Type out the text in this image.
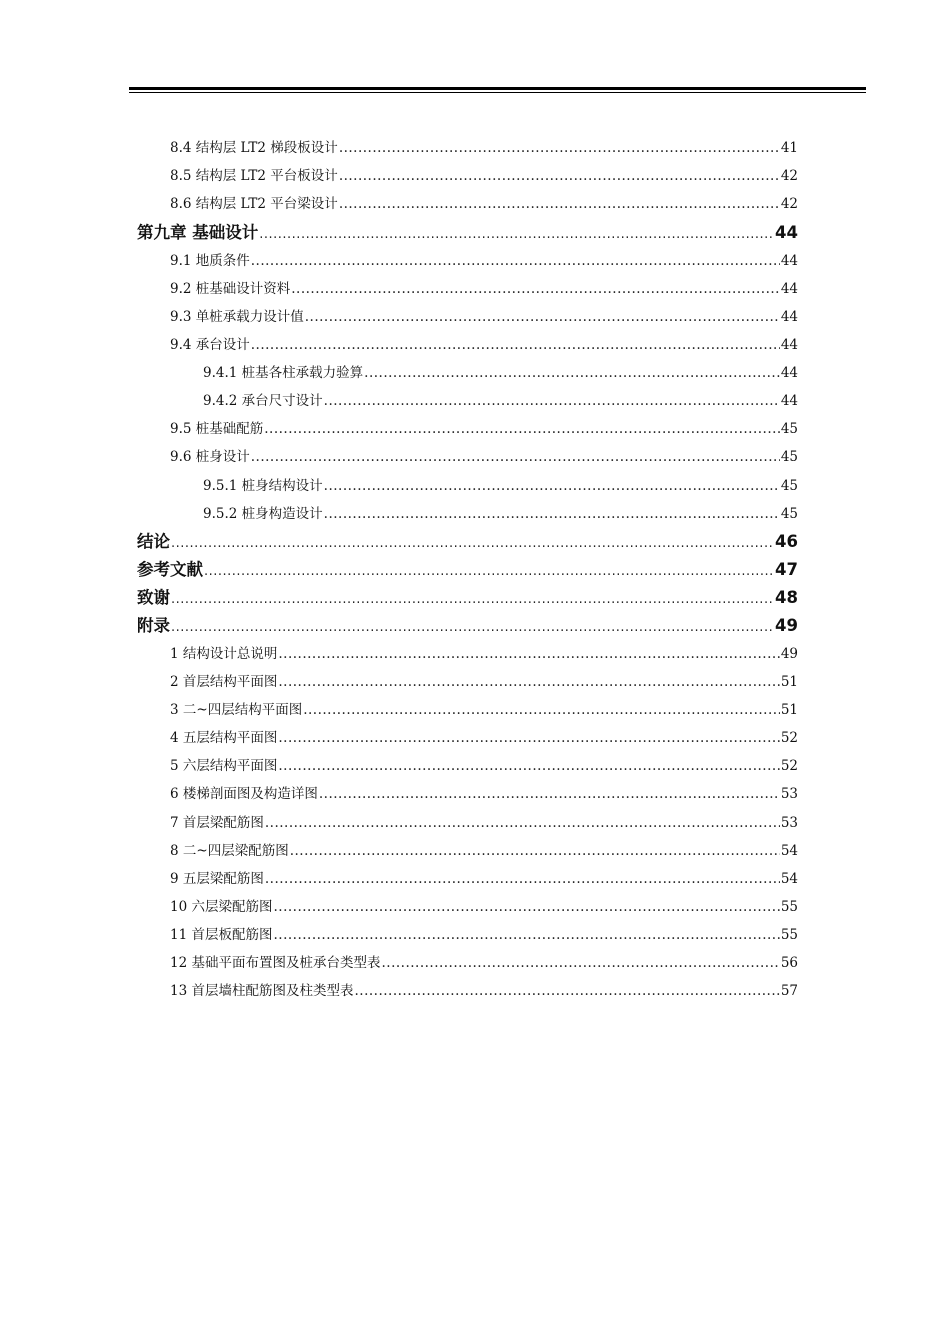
8.4 结构层 LT2 梯段板设计 .....	41
8.5 结构层 LT2 平台板设计 .....	42
8.6 结构层 LT2 平台梁设计 .....	42
第九章 基础设计 .....	44
9.1 地质条件 .....	44
9.2 桩基础设计资料 .....	44
9.3 单桩承载力设计值 .....	44
9.4 承台设计 .....	44
9.4.1 桩基各柱承载力验算 .....	44
9.4.2 承台尺寸设计 .....	44
9.5 桩基础配筋 .....	45
9.6 桩身设计 .....	45
9.5.1 桩身结构设计 .....	45
9.5.2 桩身构造设计 .....	45
结论 .....	46
参考文献 .....	47
致谢 .....	48
附录 .....	49
1 结构设计总说明 .....	49
2 首层结构平面图 .....	51
3 二~四层结构平面图 .....	51
4 五层结构平面图 .....	52
5 六层结构平面图 .....	52
6 楼梯剖面图及构造详图 .....	53
7 首层梁配筋图 .....	53
8 二~四层梁配筋图 .....	54
9 五层梁配筋图 .....	54
10 六层梁配筋图 .....	55
11 首层板配筋图 .....	55
12 基础平面布置图及桩承台类型表 .....	56
13 首层墙柱配筋图及柱类型表 .....	57
